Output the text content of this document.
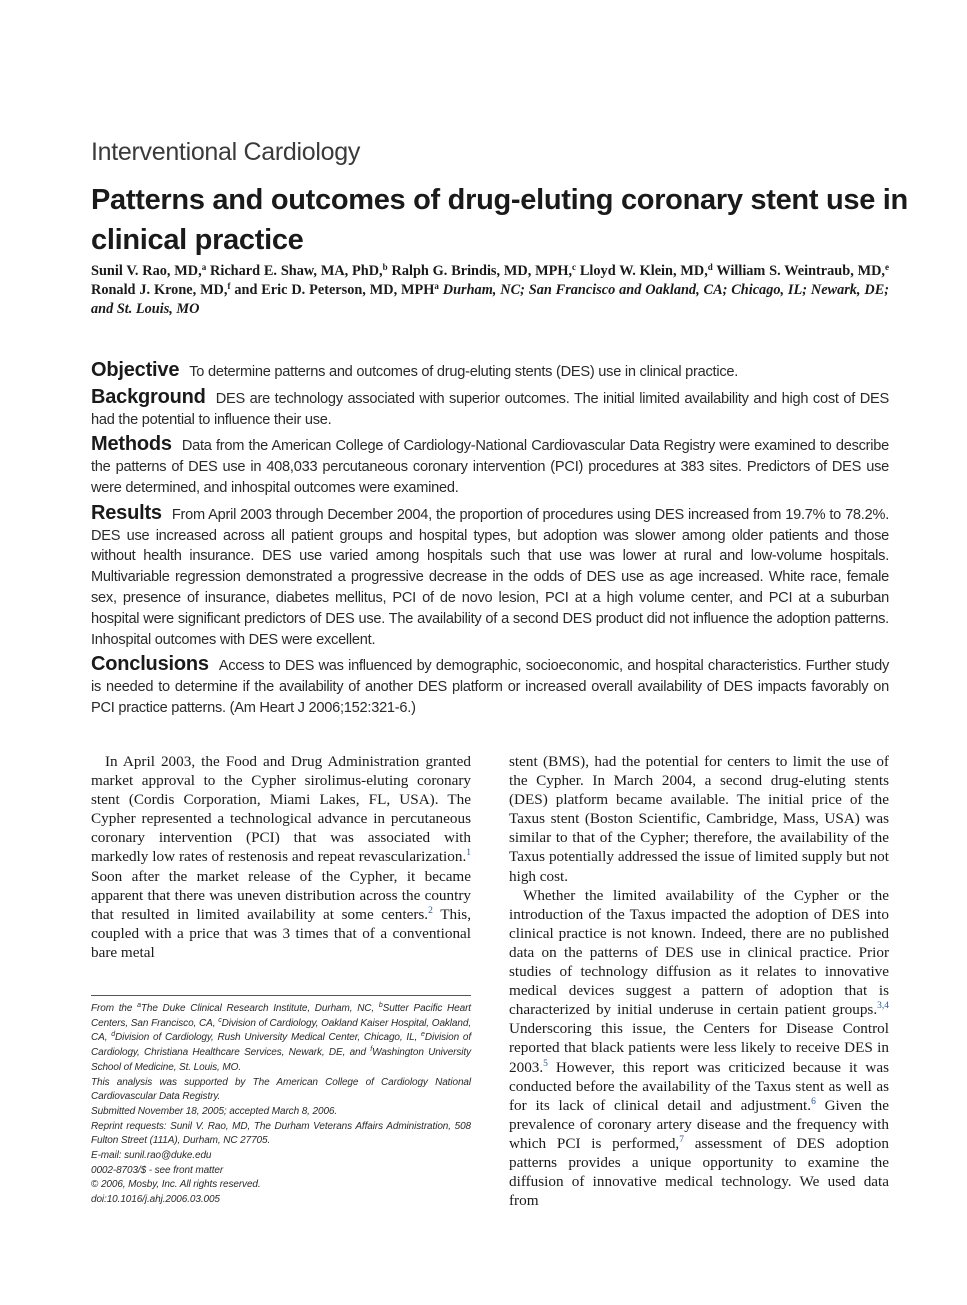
Interventional Cardiology
Patterns and outcomes of drug-eluting coronary stent use in clinical practice
Sunil V. Rao, MD,$^a$ Richard E. Shaw, MA, PhD,$^b$ Ralph G. Brindis, MD, MPH,$^c$ Lloyd W. Klein, MD,$^d$ William S. Weintraub, MD,$^e$ Ronald J. Krone, MD,$^f$ and Eric D. Peterson, MD, MPH$^a$ Durham, NC; San Francisco and Oakland, CA; Chicago, IL; Newark, DE; and St. Louis, MO

Objective To determine patterns and outcomes of drug-eluting stents (DES) use in clinical practice.

Background DES are technology associated with superior outcomes. The initial limited availability and high cost of DES had the potential to influence their use.

Methods Data from the American College of Cardiology-National Cardiovascular Data Registry were examined to describe the patterns of DES use in 408,033 percutaneous coronary intervention (PCI) procedures at 383 sites. Predictors of DES use were determined, and inhospital outcomes were examined.

Results From April 2003 through December 2004, the proportion of procedures using DES increased from 19.7% to 78.2%. DES use increased across all patient groups and hospital types, but adoption was slower among older patients and those without health insurance. DES use varied among hospitals such that use was lower at rural and low-volume hospitals. Multivariable regression demonstrated a progressive decrease in the odds of DES use as age increased. White race, female sex, presence of insurance, diabetes mellitus, PCI of de novo lesion, PCI at a high volume center, and PCI at a suburban hospital were significant predictors of DES use. The availability of a second DES product did not influence the adoption patterns. Inhospital outcomes with DES were excellent.

Conclusions Access to DES was influenced by demographic, socioeconomic, and hospital characteristics. Further study is needed to determine if the availability of another DES platform or increased overall availability of DES impacts favorably on PCI practice patterns. (Am Heart J 2006;152:321-6.)

In April 2003, the Food and Drug Administration granted market approval to the Cypher sirolimus-eluting coronary stent (Cordis Corporation, Miami Lakes, FL, USA). The Cypher represented a technological advance in percutaneous coronary intervention (PCI) that was associated with markedly low rates of restenosis and repeat revascularization.$^1$ Soon after the market release of the Cypher, it became apparent that there was uneven distribution across the country that resulted in limited availability at some centers.$^2$ This, coupled with a price that was 3 times that of a conventional bare metal

From the $^a$The Duke Clinical Research Institute, Durham, NC, $^b$Sutter Pacific Heart Centers, San Francisco, CA, $^c$Division of Cardiology, Oakland Kaiser Hospital, Oakland, CA, $^d$Division of Cardiology, Rush University Medical Center, Chicago, IL, $^e$Division of Cardiology, Christiana Healthcare Services, Newark, DE, and $^f$Washington University School of Medicine, St. Louis, MO.

This analysis was supported by The American College of Cardiology National Cardiovascular Data Registry.

Submitted November 18, 2005; accepted March 8, 2006.

Reprint requests: Sunil V. Rao, MD, The Durham Veterans Affairs Administration, 508 Fulton Street (111A), Durham, NC 27705.

E-mail: sunil.rao@duke.edu

0002-8703/$ - see front matter

© 2006, Mosby, Inc. All rights reserved.

doi:10.1016/j.ahj.2006.03.005

stent (BMS), had the potential for centers to limit the use of the Cypher. In March 2004, a second drug-eluting stents (DES) platform became available. The initial price of the Taxus stent (Boston Scientific, Cambridge, Mass, USA) was similar to that of the Cypher; therefore, the availability of the Taxus potentially addressed the issue of limited supply but not high cost.

Whether the limited availability of the Cypher or the introduction of the Taxus impacted the adoption of DES into clinical practice is not known. Indeed, there are no published data on the patterns of DES use in clinical practice. Prior studies of technology diffusion as it relates to innovative medical devices suggest a pattern of adoption that is characterized by initial underuse in certain patient groups.$^{3,4}$ Underscoring this issue, the Centers for Disease Control reported that black patients were less likely to receive DES in 2003.$^5$ However, this report was criticized because it was conducted before the availability of the Taxus stent as well as for its lack of clinical detail and adjustment.$^6$ Given the prevalence of coronary artery disease and the frequency with which PCI is performed,$^7$ assessment of DES adoption patterns provides a unique opportunity to examine the diffusion of innovative medical technology. We used data from
